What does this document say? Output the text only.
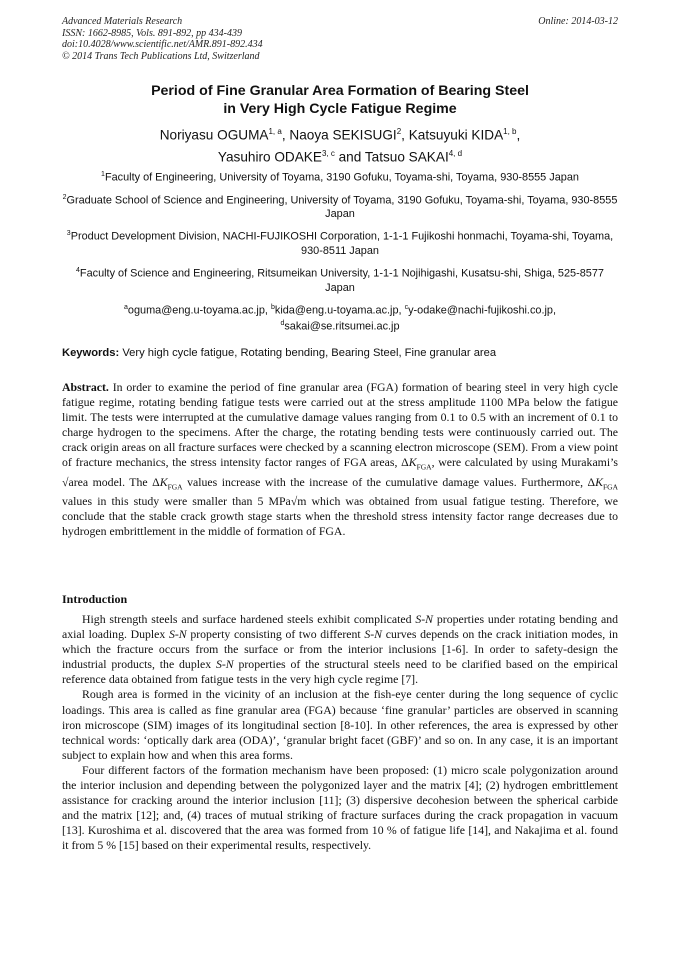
Advanced Materials Research
ISSN: 1662-8985, Vols. 891-892, pp 434-439
doi:10.4028/www.scientific.net/AMR.891-892.434
© 2014 Trans Tech Publications Ltd, Switzerland
Online: 2014-03-12
Period of Fine Granular Area Formation of Bearing Steel
in Very High Cycle Fatigue Regime
Noriyasu OGUMA$^{1, a}$, Naoya SEKISUGI$^2$, Katsuyuki KIDA$^{1, b}$,
Yasuhiro ODAKE$^{3, c}$ and Tatsuo SAKAI$^{4, d}$
$^1$Faculty of Engineering, University of Toyama, 3190 Gofuku, Toyama-shi, Toyama, 930-8555 Japan
$^2$Graduate School of Science and Engineering, University of Toyama, 3190 Gofuku, Toyama-shi, Toyama, 930-8555 Japan
$^3$Product Development Division, NACHI-FUJIKOSHI Corporation, 1-1-1 Fujikoshi honmachi, Toyama-shi, Toyama, 930-8511 Japan
$^4$Faculty of Science and Engineering, Ritsumeikan University, 1-1-1 Nojihigashi, Kusatsu-shi, Shiga, 525-8577 Japan
$^a$oguma@eng.u-toyama.ac.jp, $^b$kida@eng.u-toyama.ac.jp, $^c$y-odake@nachi-fujikoshi.co.jp,
$^d$sakai@se.ritsumei.ac.jp
Keywords: Very high cycle fatigue, Rotating bending, Bearing Steel, Fine granular area
Abstract. In order to examine the period of fine granular area (FGA) formation of bearing steel in very high cycle fatigue regime, rotating bending fatigue tests were carried out at the stress amplitude 1100 MPa below the fatigue limit. The tests were interrupted at the cumulative damage values ranging from 0.1 to 0.5 with an increment of 0.1 to charge hydrogen to the specimens. After the charge, the rotating bending tests were continuously carried out. The crack origin areas on all fracture surfaces were checked by a scanning electron microscope (SEM). From a view point of fracture mechanics, the stress intensity factor ranges of FGA areas, $\Delta K_{FGA}$, were calculated by using Murakami’s √area model. The $\Delta K_{FGA}$ values increase with the increase of the cumulative damage values. Furthermore, $\Delta K_{FGA}$ values in this study were smaller than 5 MPa√m which was obtained from usual fatigue testing. Therefore, we conclude that the stable crack growth stage starts when the threshold stress intensity factor range decreases due to hydrogen embrittlement in the middle of formation of FGA.
Introduction

High strength steels and surface hardened steels exhibit complicated S-N properties under rotating bending and axial loading. Duplex S-N property consisting of two different S-N curves depends on the crack initiation modes, in which the fracture occurs from the surface or from the interior inclusions [1-6]. In order to safety-design the industrial products, the duplex S-N properties of the structural steels need to be clarified based on the empirical reference data obtained from fatigue tests in the very high cycle regime [7].

Rough area is formed in the vicinity of an inclusion at the fish-eye center during the long sequence of cyclic loadings. This area is called as fine granular area (FGA) because ‘fine granular’ particles are observed in scanning iron microscope (SIM) images of its longitudinal section [8-10]. In other references, the area is expressed by other technical words: ‘optically dark area (ODA)’, ‘granular bright facet (GBF)’ and so on. In any case, it is an important subject to explain how and when this area forms.

Four different factors of the formation mechanism have been proposed: (1) micro scale polygonization around the interior inclusion and depending between the polygonized layer and the matrix [4]; (2) hydrogen embrittlement assistance for cracking around the interior inclusion [11]; (3) dispersive decohesion between the spherical carbide and the matrix [12]; and, (4) traces of mutual striking of fracture surfaces during the crack propagation in vacuum [13]. Kuroshima et al. discovered that the area was formed from 10 % of fatigue life [14], and Nakajima et al. found it from 5 % [15] based on their experimental results, respectively.
